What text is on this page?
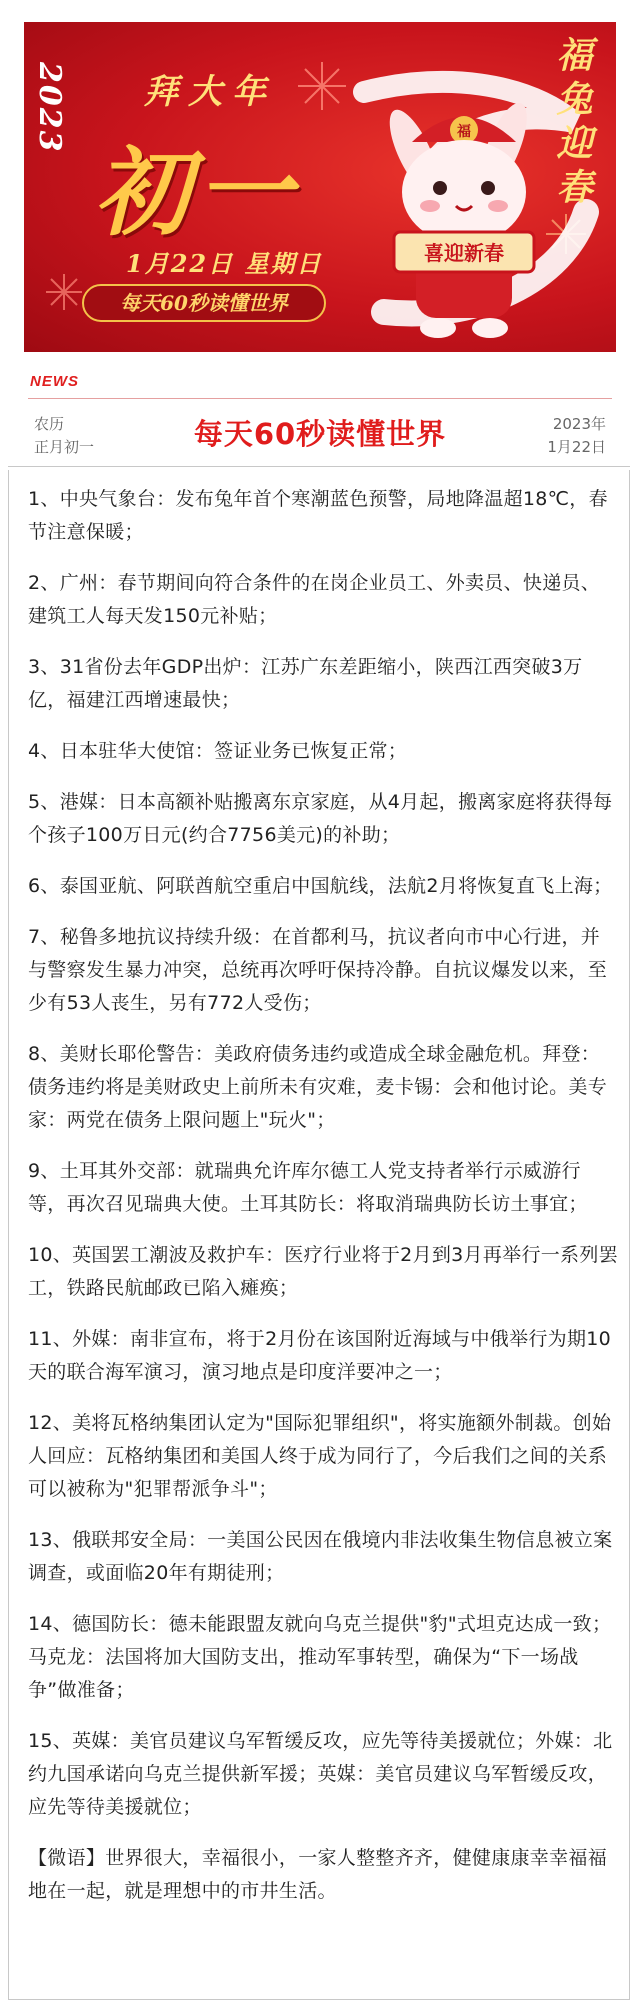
2023 拜大年
初一
1月22日 星期日
每天60秒读懂世界
福兔迎春
福
喜迎新春
NEWS
农历
正月初一	每天60秒读懂世界	2023年
1月22日

1、中央气象台：发布兔年首个寒潮蓝色预警，局地降温超18℃，春节注意保暖；

2、广州：春节期间向符合条件的在岗企业员工、外卖员、快递员、建筑工人每天发150元补贴；

3、31省份去年GDP出炉：江苏广东差距缩小，陕西江西突破3万亿，福建江西增速最快；

4、日本驻华大使馆：签证业务已恢复正常；

5、港媒：日本高额补贴搬离东京家庭，从4月起，搬离家庭将获得每个孩子100万日元(约合7756美元)的补助；

6、泰国亚航、阿联酋航空重启中国航线，法航2月将恢复直飞上海；

7、秘鲁多地抗议持续升级：在首都利马，抗议者向市中心行进，并与警察发生暴力冲突，总统再次呼吁保持冷静。自抗议爆发以来，至少有53人丧生，另有772人受伤；

8、美财长耶伦警告：美政府债务违约或造成全球金融危机。拜登：债务违约将是美财政史上前所未有灾难，麦卡锡：会和他讨论。美专家：两党在债务上限问题上"玩火"；

9、土耳其外交部：就瑞典允许库尔德工人党支持者举行示威游行等，再次召见瑞典大使。土耳其防长：将取消瑞典防长访土事宜；

10、英国罢工潮波及救护车：医疗行业将于2月到3月再举行一系列罢工，铁路民航邮政已陷入瘫痪；

11、外媒：南非宣布，将于2月份在该国附近海域与中俄举行为期10天的联合海军演习，演习地点是印度洋要冲之一；

12、美将瓦格纳集团认定为"国际犯罪组织"，将实施额外制裁。创始人回应：瓦格纳集团和美国人终于成为同行了，今后我们之间的关系可以被称为"犯罪帮派争斗"；

13、俄联邦安全局：一美国公民因在俄境内非法收集生物信息被立案调查，或面临20年有期徒刑；

14、德国防长：德未能跟盟友就向乌克兰提供"豹"式坦克达成一致；马克龙：法国将加大国防支出，推动军事转型，确保为“下一场战争”做准备；

15、英媒：美官员建议乌军暂缓反攻，应先等待美援就位；外媒：北约九国承诺向乌克兰提供新军援；英媒：美官员建议乌军暂缓反攻，应先等待美援就位；

【微语】世界很大，幸福很小，一家人整整齐齐，健健康康幸幸福福地在一起，就是理想中的市井生活。
